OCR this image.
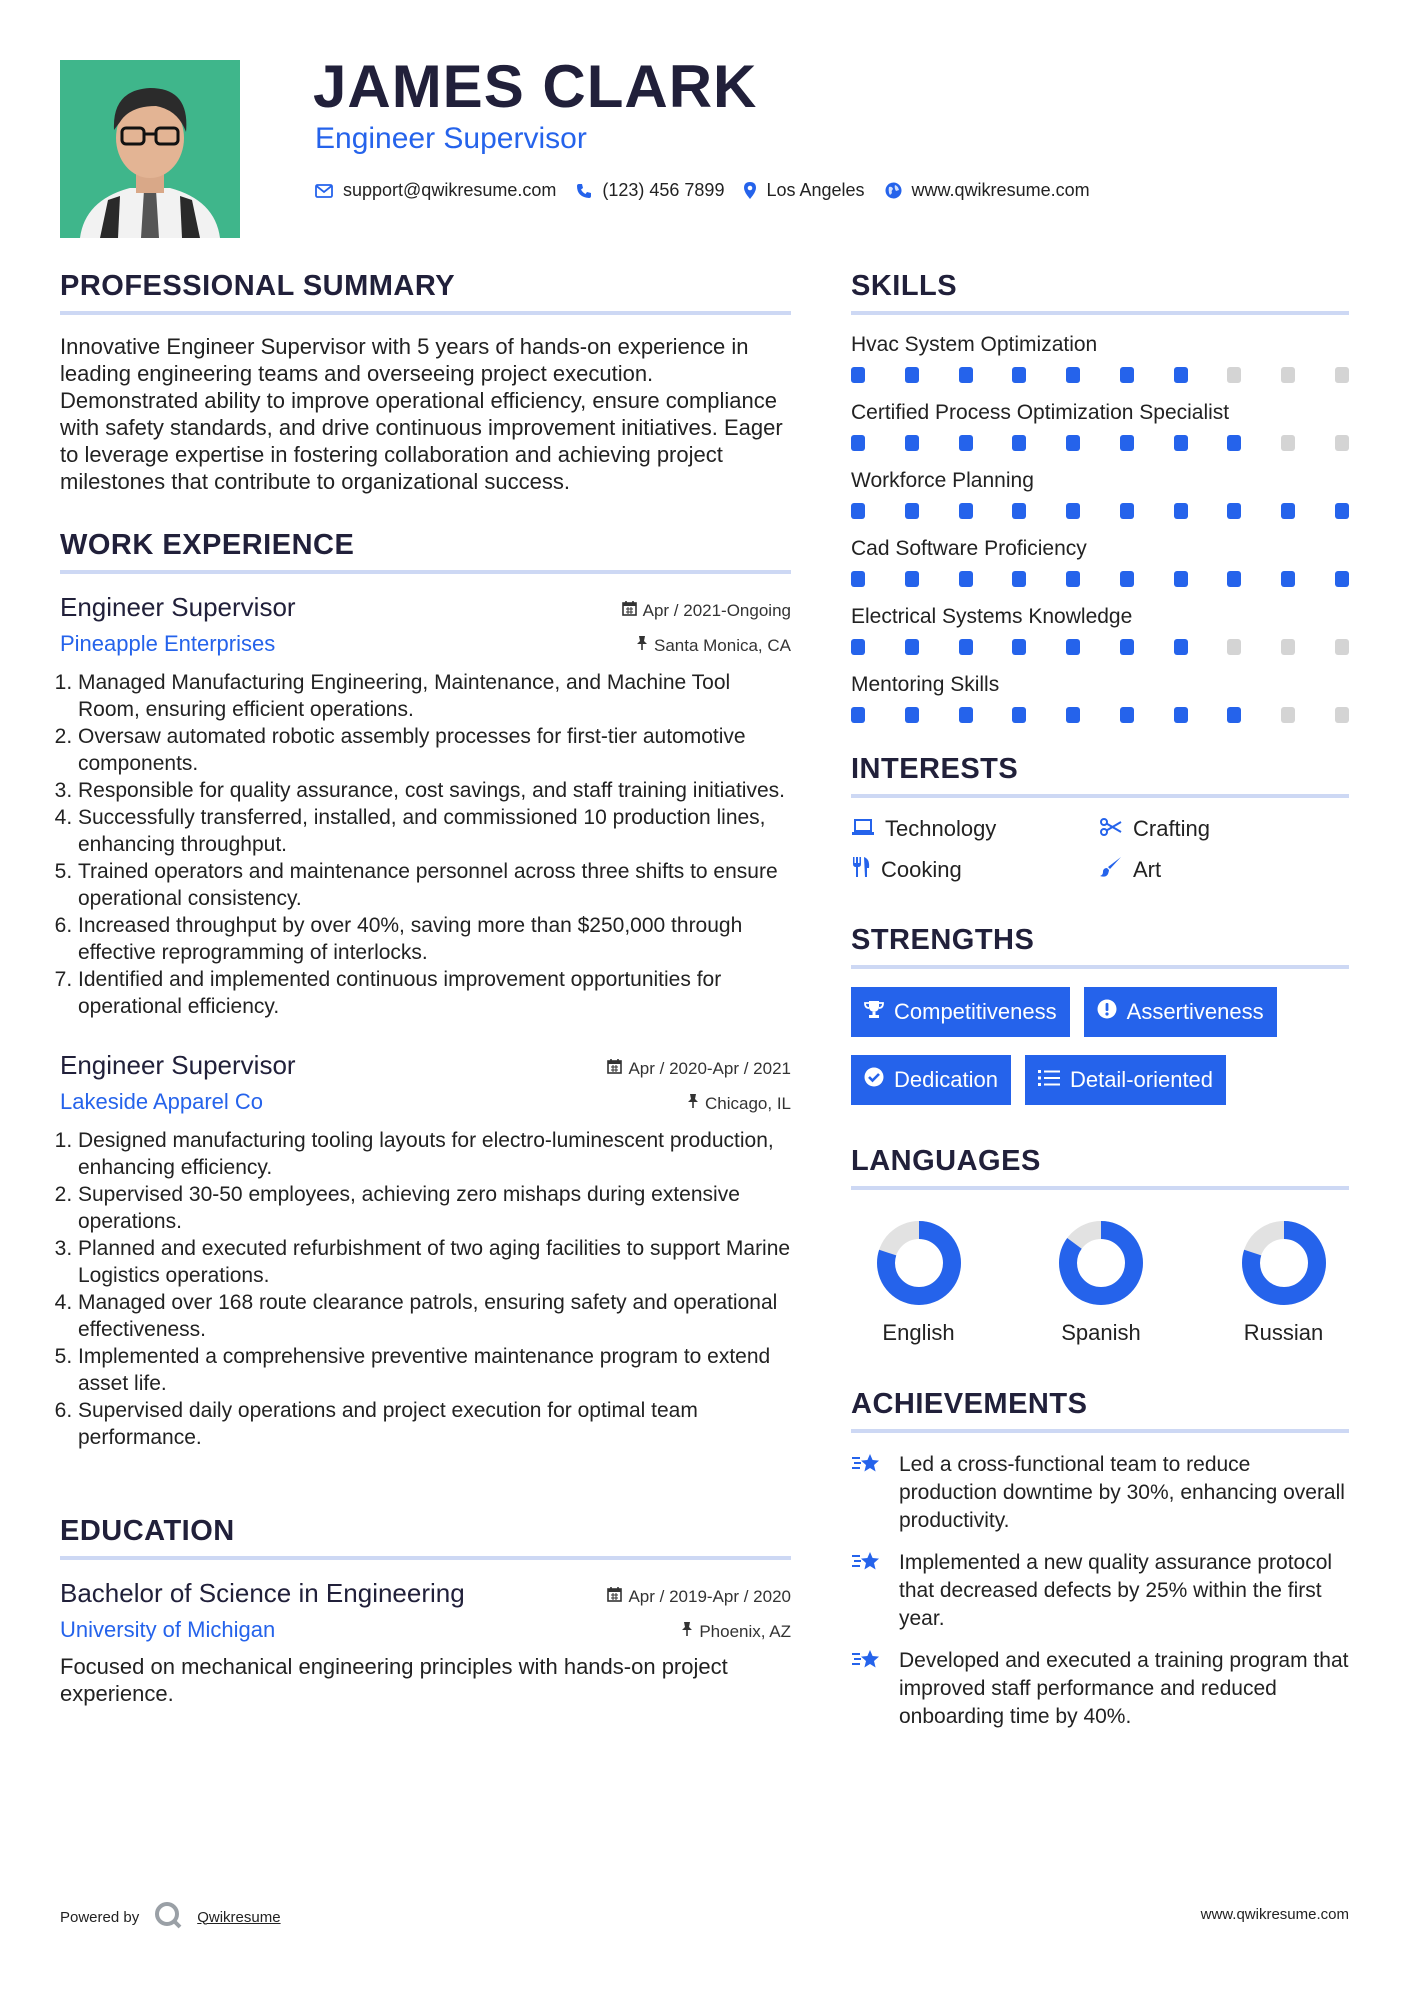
JAMES CLARK
Engineer Supervisor
support@qwikresume.com	(123) 456 7899 Los Angeles	www.qwikresume.com
PROFESSIONAL SUMMARY

Innovative Engineer Supervisor with 5 years of hands-on experience in leading engineering teams and overseeing project execution. Demonstrated ability to improve operational efficiency, ensure compliance with safety standards, and drive continuous improvement initiatives. Eager to leverage expertise in fostering collaboration and achieving project milestones that contribute to organizational success.

WORK EXPERIENCE
Engineer Supervisor	Apr / 2021-Ongoing
Pineapple Enterprises	Santa Monica, CA
1. Managed Manufacturing Engineering, Maintenance, and Machine Tool Room, ensuring efficient operations.
2. Oversaw automated robotic assembly processes for first-tier automotive components.
3. Responsible for quality assurance, cost savings, and staff training initiatives.
4. Successfully transferred, installed, and commissioned 10 production lines, enhancing throughput.
5. Trained operators and maintenance personnel across three shifts to ensure operational consistency.
6. Increased throughput by over 40%, saving more than $250,000 through effective reprogramming of interlocks.
7. Identified and implemented continuous improvement opportunities for operational efficiency.
Engineer Supervisor	Apr / 2020-Apr / 2021
Lakeside Apparel Co	Chicago, IL
1. Designed manufacturing tooling layouts for electro-luminescent production, enhancing efficiency.
2. Supervised 30-50 employees, achieving zero mishaps during extensive operations.
3. Planned and executed refurbishment of two aging facilities to support Marine Logistics operations.
4. Managed over 168 route clearance patrols, ensuring safety and operational effectiveness.
5. Implemented a comprehensive preventive maintenance program to extend asset life.
6. Supervised daily operations and project execution for optimal team performance.
EDUCATION
Bachelor of Science in Engineering	Apr / 2019-Apr / 2020
University of Michigan	Phoenix, AZ

Focused on mechanical engineering principles with hands-on project experience.

SKILLS
Hvac System Optimization
Certified Process Optimization Specialist
Workforce Planning
Cad Software Proficiency
Electrical Systems Knowledge
Mentoring Skills
INTERESTS
Technology	Crafting
Cooking	Art
STRENGTHS
Competitiveness	Assertiveness
Dedication	Detail-oriented
LANGUAGES
English	Spanish	Russian
ACHIEVEMENTS
Led a cross-functional team to reduce production downtime by 30%, enhancing overall productivity.
Implemented a new quality assurance protocol that decreased defects by 25% within the first year.
Developed and executed a training program that improved staff performance and reduced onboarding time by 40%.
Powered by	Qwikresume	www.qwikresume.com
